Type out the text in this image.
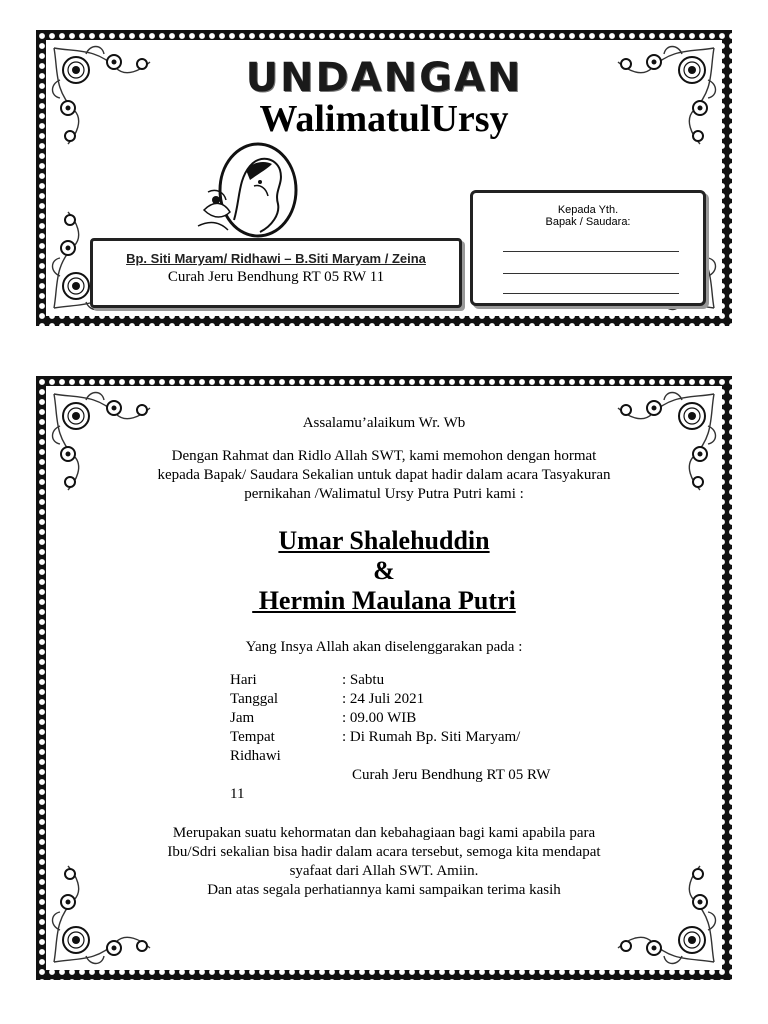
UNDANGAN
WalimatulUrsy
Bp. Siti Maryam/ Ridhawi – B.Siti Maryam / Zeina
Curah Jeru Bendhung RT 05 RW 11
Kepada Yth.
Bapak / Saudara:
Assalamu’alaikum Wr. Wb
Dengan Rahmat dan Ridlo Allah SWT, kami memohon dengan hormat kepada Bapak/ Saudara Sekalian untuk dapat hadir dalam acara Tasyakuran pernikahan /Walimatul Ursy Putra Putri kami :
Umar Shalehuddin
&
Hermin Maulana Putri
Yang Insya Allah akan diselenggarakan pada :
Hari	: Sabtu
Tanggal	: 24 Juli 2021
Jam	: 09.00 WIB
Tempat	: Di Rumah Bp. Siti Maryam/
Ridhawi
Curah Jeru Bendhung RT 05 RW
11
Merupakan suatu kehormatan dan kebahagiaan bagi kami apabila para Ibu/Sdri sekalian bisa hadir dalam acara tersebut, semoga kita mendapat syafaat dari Allah SWT. Amiin.
Dan atas segala perhatiannya kami sampaikan terima kasih
